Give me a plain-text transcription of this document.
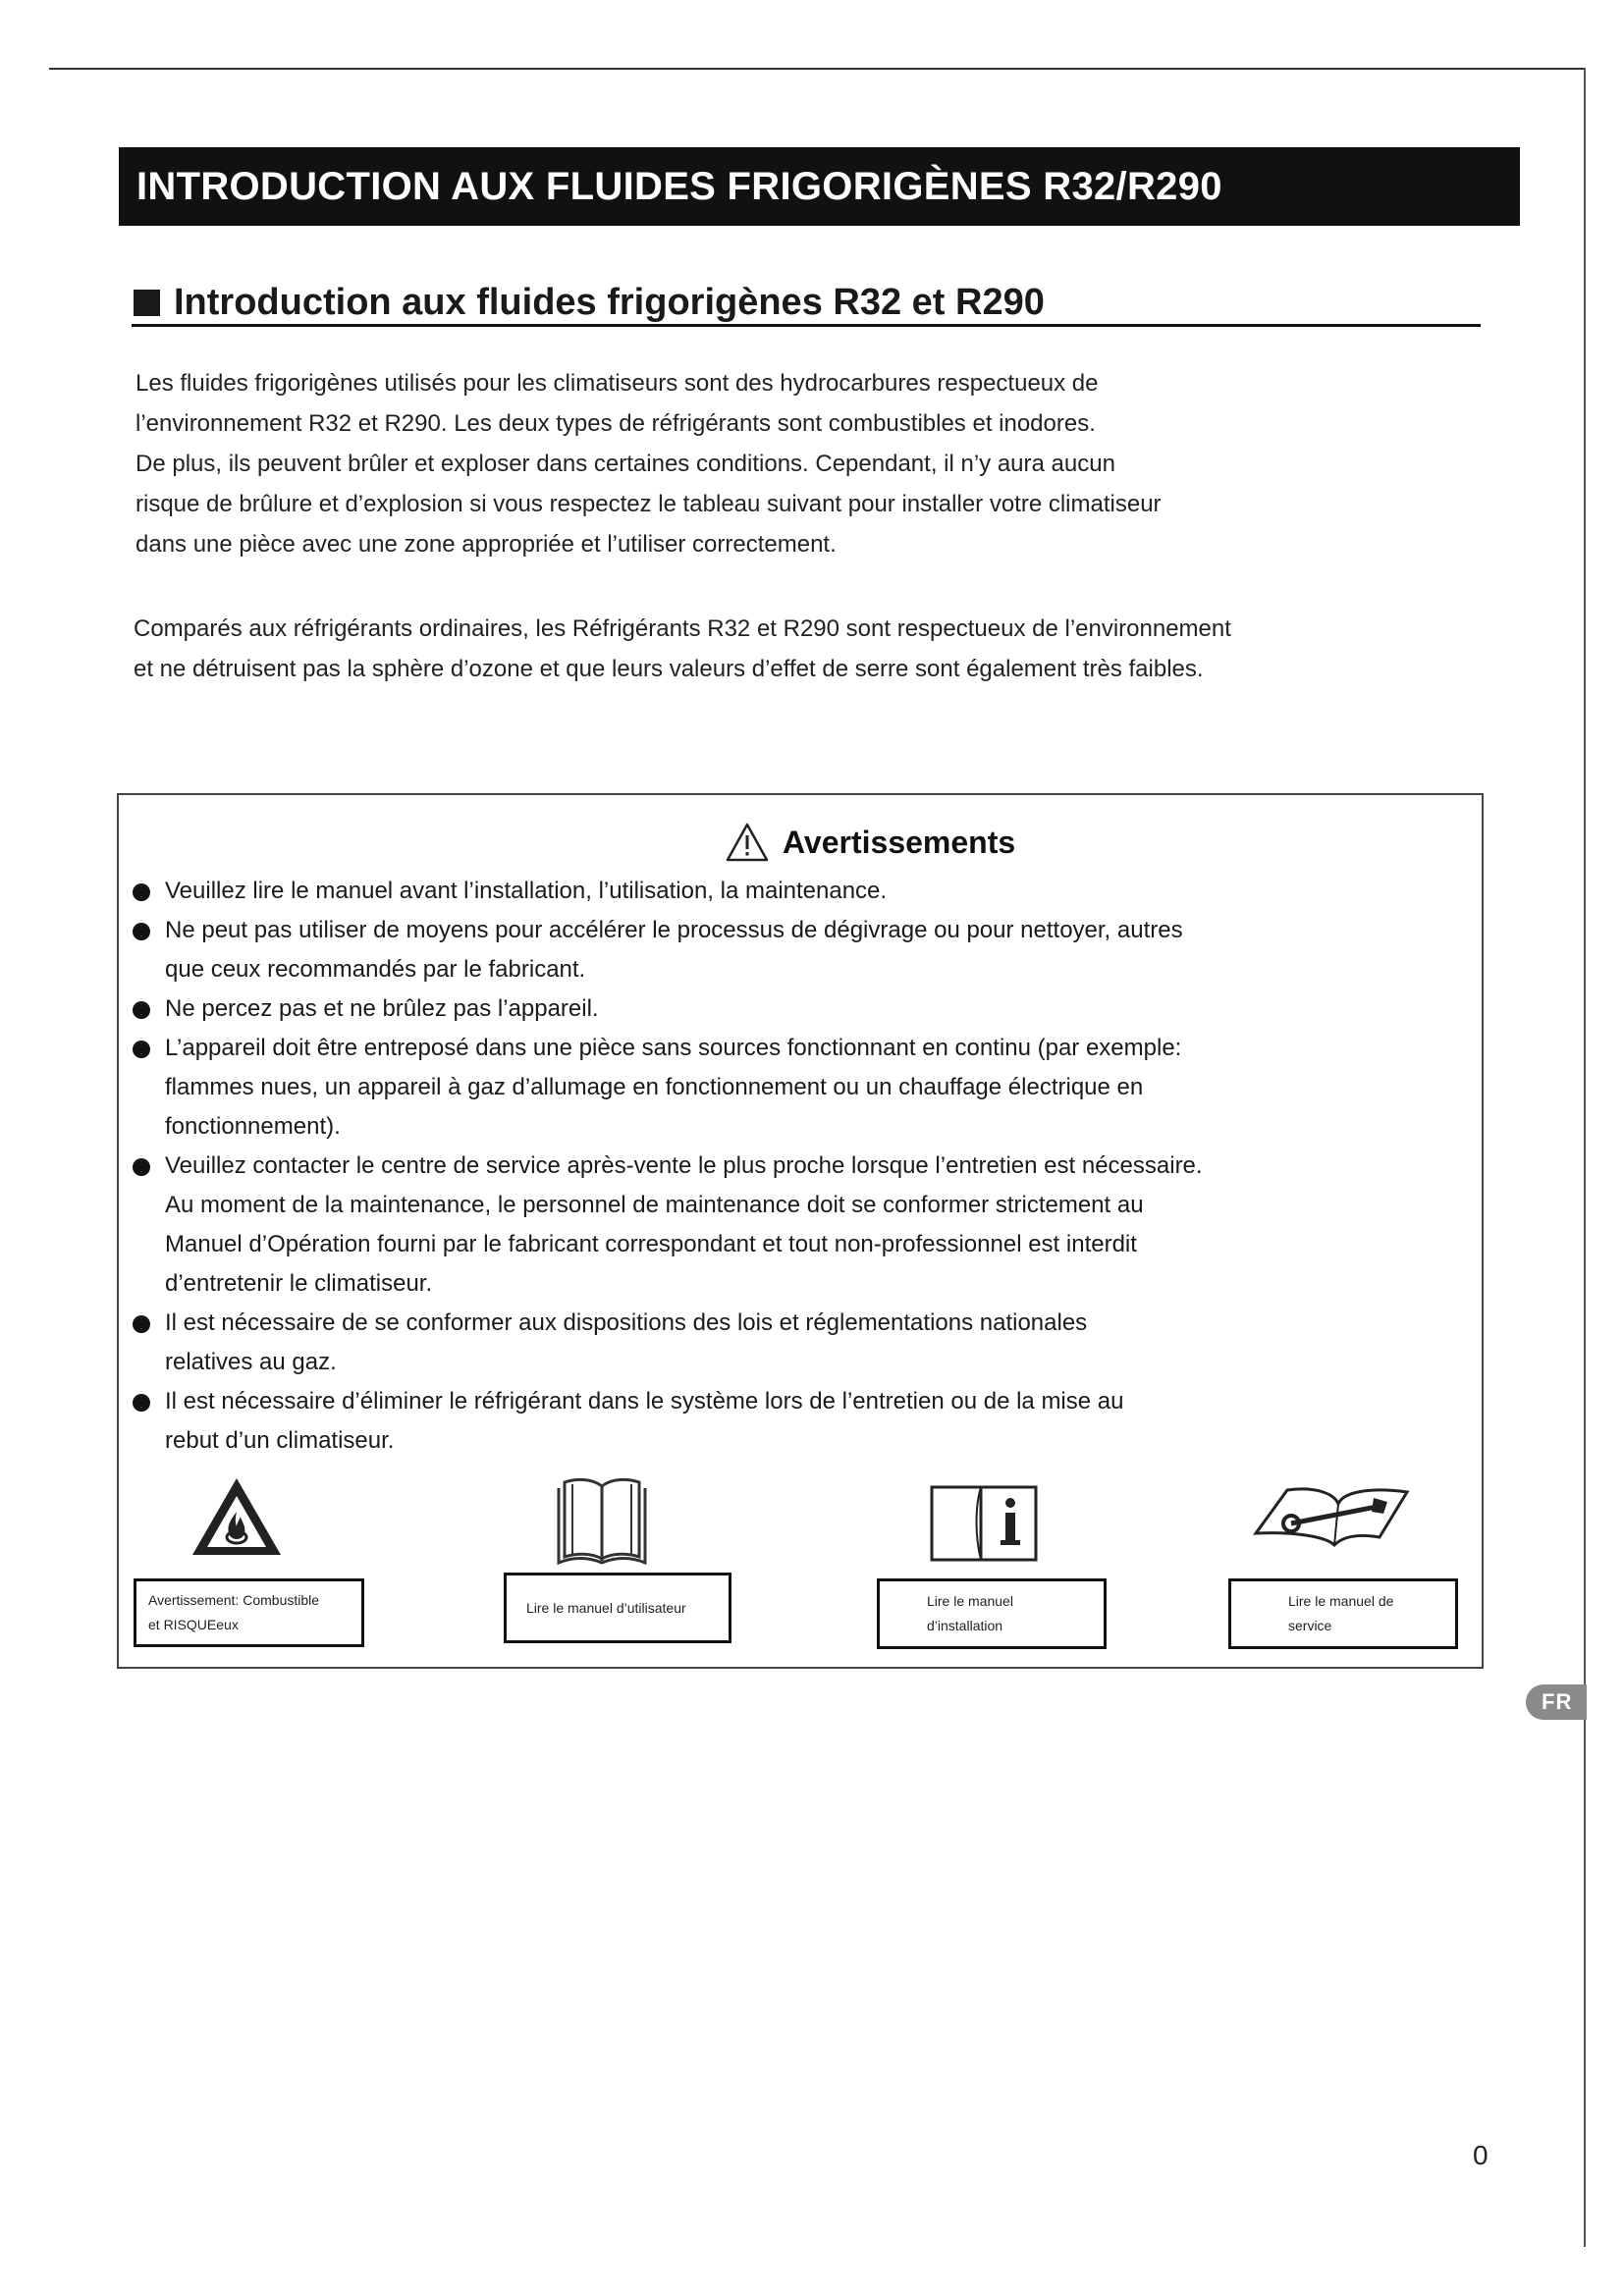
INTRODUCTION AUX FLUIDES FRIGORIGÈNES R32/R290
Introduction aux fluides frigorigènes R32 et R290

Les fluides frigorigènes utilisés pour les climatiseurs sont des hydrocarbures respectueux de

l’environnement R32 et R290. Les deux types de réfrigérants sont combustibles et inodores.

De plus, ils peuvent brûler et exploser dans certaines conditions. Cependant, il n’y aura aucun

risque de brûlure et d’explosion si vous respectez le tableau suivant pour installer votre climatiseur

dans une pièce avec une zone appropriée et l’utiliser correctement.

Comparés aux réfrigérants ordinaires, les Réfrigérants R32 et R290 sont respectueux de l’environnement

et ne détruisent pas la sphère d’ozone et que leurs valeurs d’effet de serre sont également très faibles.

Avertissements

Veuillez lire le manuel avant l’installation, l’utilisation, la maintenance.

Ne peut pas utiliser de moyens pour accélérer le processus de dégivrage ou pour nettoyer, autres

que ceux recommandés par le fabricant.

Ne percez pas et ne brûlez pas l’appareil.

L’appareil doit être entreposé dans une pièce sans sources fonctionnant en continu (par exemple:

flammes nues, un appareil à gaz d’allumage en fonctionnement ou un chauffage électrique en

fonctionnement).

Veuillez contacter le centre de service après-vente le plus proche lorsque l’entretien est nécessaire.

Au moment de la maintenance, le personnel de maintenance doit se conformer strictement au

Manuel d’Opération fourni par le fabricant correspondant et tout non-professionnel est interdit

d’entretenir le climatiseur.

Il est nécessaire de se conformer aux dispositions des lois et réglementations nationales

relatives au gaz.

Il est nécessaire d’éliminer le réfrigérant dans le système lors de l’entretien ou de la mise au

rebut d’un climatiseur.

Avertissement: Combustible

et RISQUEeux

Lire le manuel d’utilisateur	Lire le manuel

d’installation

Lire le manuel de

service

FR
0
